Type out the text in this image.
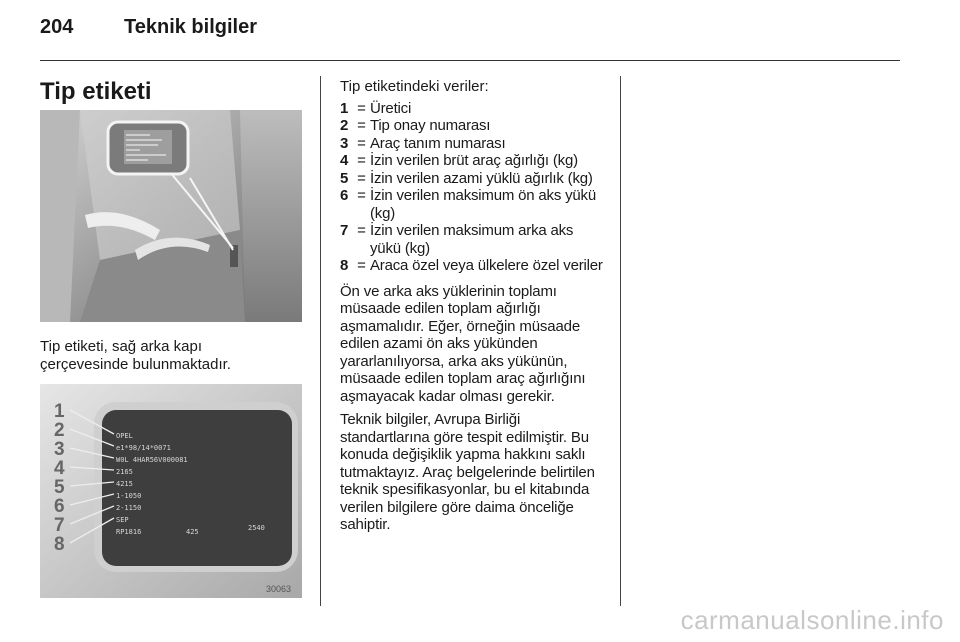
204	Teknik bilgiler
Tip etiketi
Tip etiketi, sağ arka kapı
çerçevesinde bulunmaktadır.
OPEL
e1*98/14*0071
W0L 4HAR56V000081
2165
4215
1-1050
2-1150
SEP
RP1816	425	2540
1
2
3
4
5
6
7
8
30063

Tip etiketindeki veriler:

1 = Üretici
2 = Tip onay numarası
3 = Araç tanım numarası
4 = İzin verilen brüt araç ağırlığı (kg)
5 = İzin verilen azami yüklü ağırlık (kg)
6 = İzin verilen maksimum ön aks yükü (kg)
7 = İzin verilen maksimum arka aks yükü (kg)
8 = Araca özel veya ülkelere özel veriler

Ön ve arka aks yüklerinin toplamı müsaade edilen toplam ağırlığı aşmamalıdır. Eğer, örneğin müsaade edilen azami ön aks yükünden yararlanılıyorsa, arka aks yükünün, müsaade edilen toplam araç ağırlığını aşmayacak kadar olması gerekir.

Teknik bilgiler, Avrupa Birliği standartlarına göre tespit edilmiştir. Bu konuda değişiklik yapma hakkını saklı tutmaktayız. Araç belgelerinde belirtilen teknik spesifikasyonlar, bu el kitabında verilen bilgilere göre daima önceliğe sahiptir.

carmanualsonline.info
